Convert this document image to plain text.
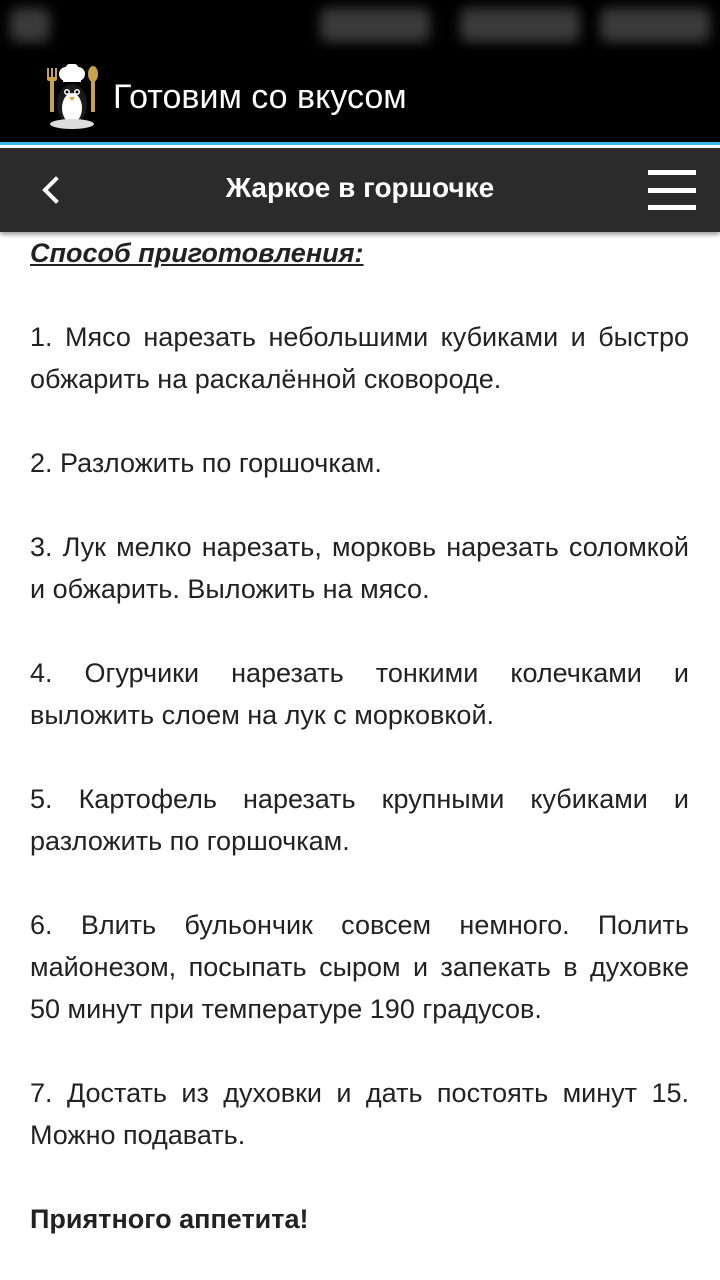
Готовим со вкусом
Жаркое в горшочке
Способ приготовления:
1. Мясо нарезать небольшими кубиками и быстро обжарить на раскалённой сковороде.
2. Разложить по горшочкам.
3. Лук мелко нарезать, морковь нарезать соломкой и обжарить. Выложить на мясо.
4. Огурчики нарезать тонкими колечками и выложить слоем на лук с морковкой.
5. Картофель нарезать крупными кубиками и разложить по горшочкам.
6. Влить бульончик совсем немного. Полить майонезом, посыпать сыром и запекать в духовке 50 минут при температуре 190 градусов.
7. Достать из духовки и дать постоять минут 15. Можно подавать.
Приятного аппетита!
